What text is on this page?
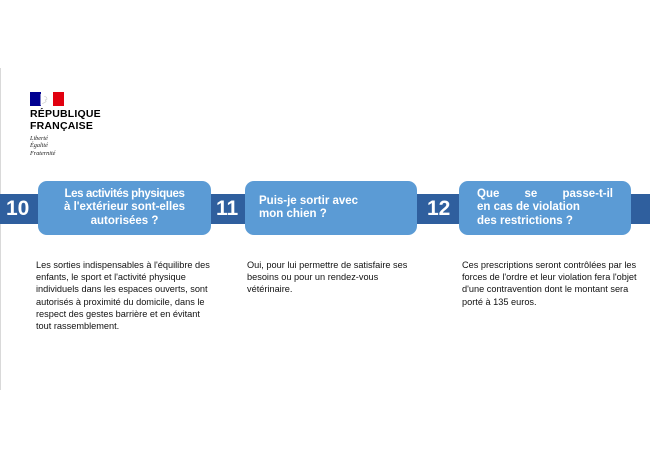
RÉPUBLIQUE
FRANÇAISE
Liberté
Égalité
Fraternité
10	11	12
Les activités physiques
à l'extérieur sont-elles
autorisées ?
Puis-je sortir avec
mon chien ?
Que se passe-t-il
en cas de violation
des restrictions ?
Les sorties indispensables à l'équilibre des
enfants, le sport et l'activité physique
individuels dans les espaces ouverts, sont
autorisés à proximité du domicile, dans le
respect des gestes barrière et en évitant
tout rassemblement.
Oui, pour lui permettre de satisfaire ses
besoins ou pour un rendez-vous
vétérinaire.
Ces prescriptions seront contrôlées par les
forces de l'ordre et leur violation fera l'objet
d'une contravention dont le montant sera
porté à 135 euros.
